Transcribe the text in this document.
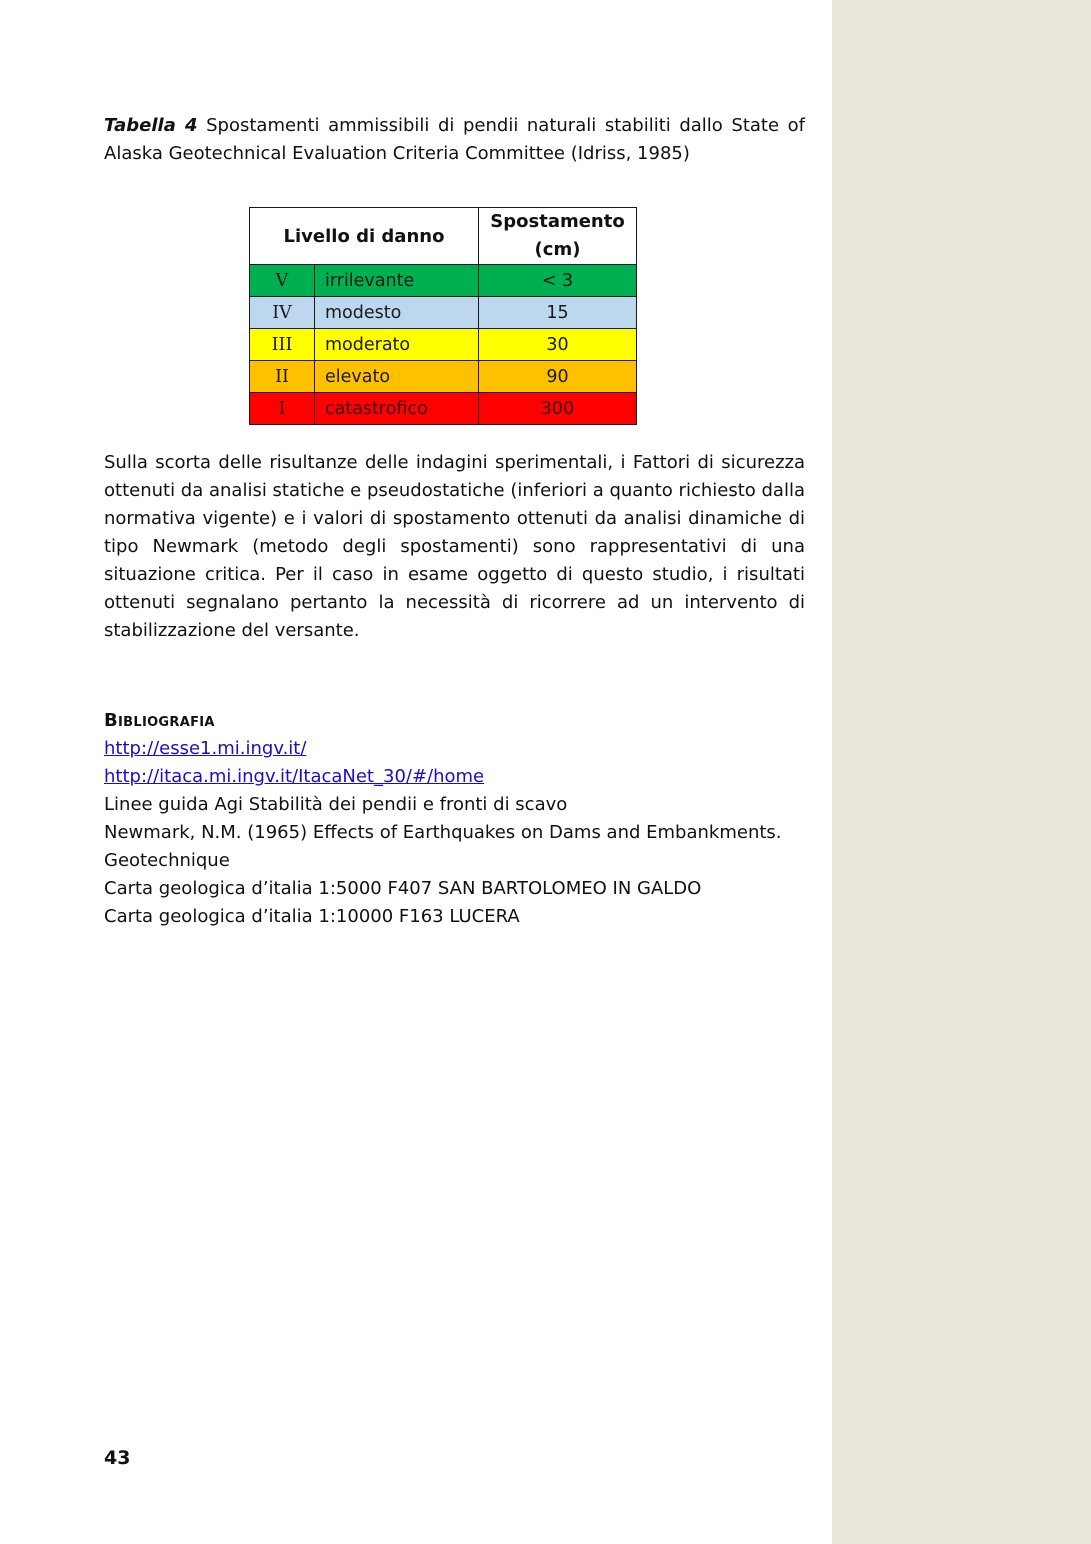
Tabella 4 Spostamenti ammissibili di pendii naturali stabiliti dallo State of Alaska Geotechnical Evaluation Criteria Committee (Idriss, 1985)
Livello di danno		Spostamento
(cm)
V	irrilevante	< 3
IV	modesto	15
III	moderato	30
II	elevato	90
I	catastrofico	300
Sulla scorta delle risultanze delle indagini sperimentali, i Fattori di sicurezza ottenuti da analisi statiche e pseudostatiche (inferiori a quanto richiesto dalla normativa vigente) e i valori di spostamento ottenuti da analisi dinamiche di tipo Newmark (metodo degli spostamenti) sono rappresentativi di una situazione critica. Per il caso in esame oggetto di questo studio, i risultati ottenuti segnalano pertanto la necessità di ricorrere ad un intervento di stabilizzazione del versante.
Bibliografia
http://esse1.mi.ingv.it/
http://itaca.mi.ingv.it/ItacaNet_30/#/home
Linee guida Agi Stabilità dei pendii e fronti di scavo
Newmark, N.M. (1965) Effects of Earthquakes on Dams and Embankments. Geotechnique
Carta geologica d’italia 1:5000 F407 SAN BARTOLOMEO IN GALDO
Carta geologica d’italia 1:10000 F163 LUCERA
43
